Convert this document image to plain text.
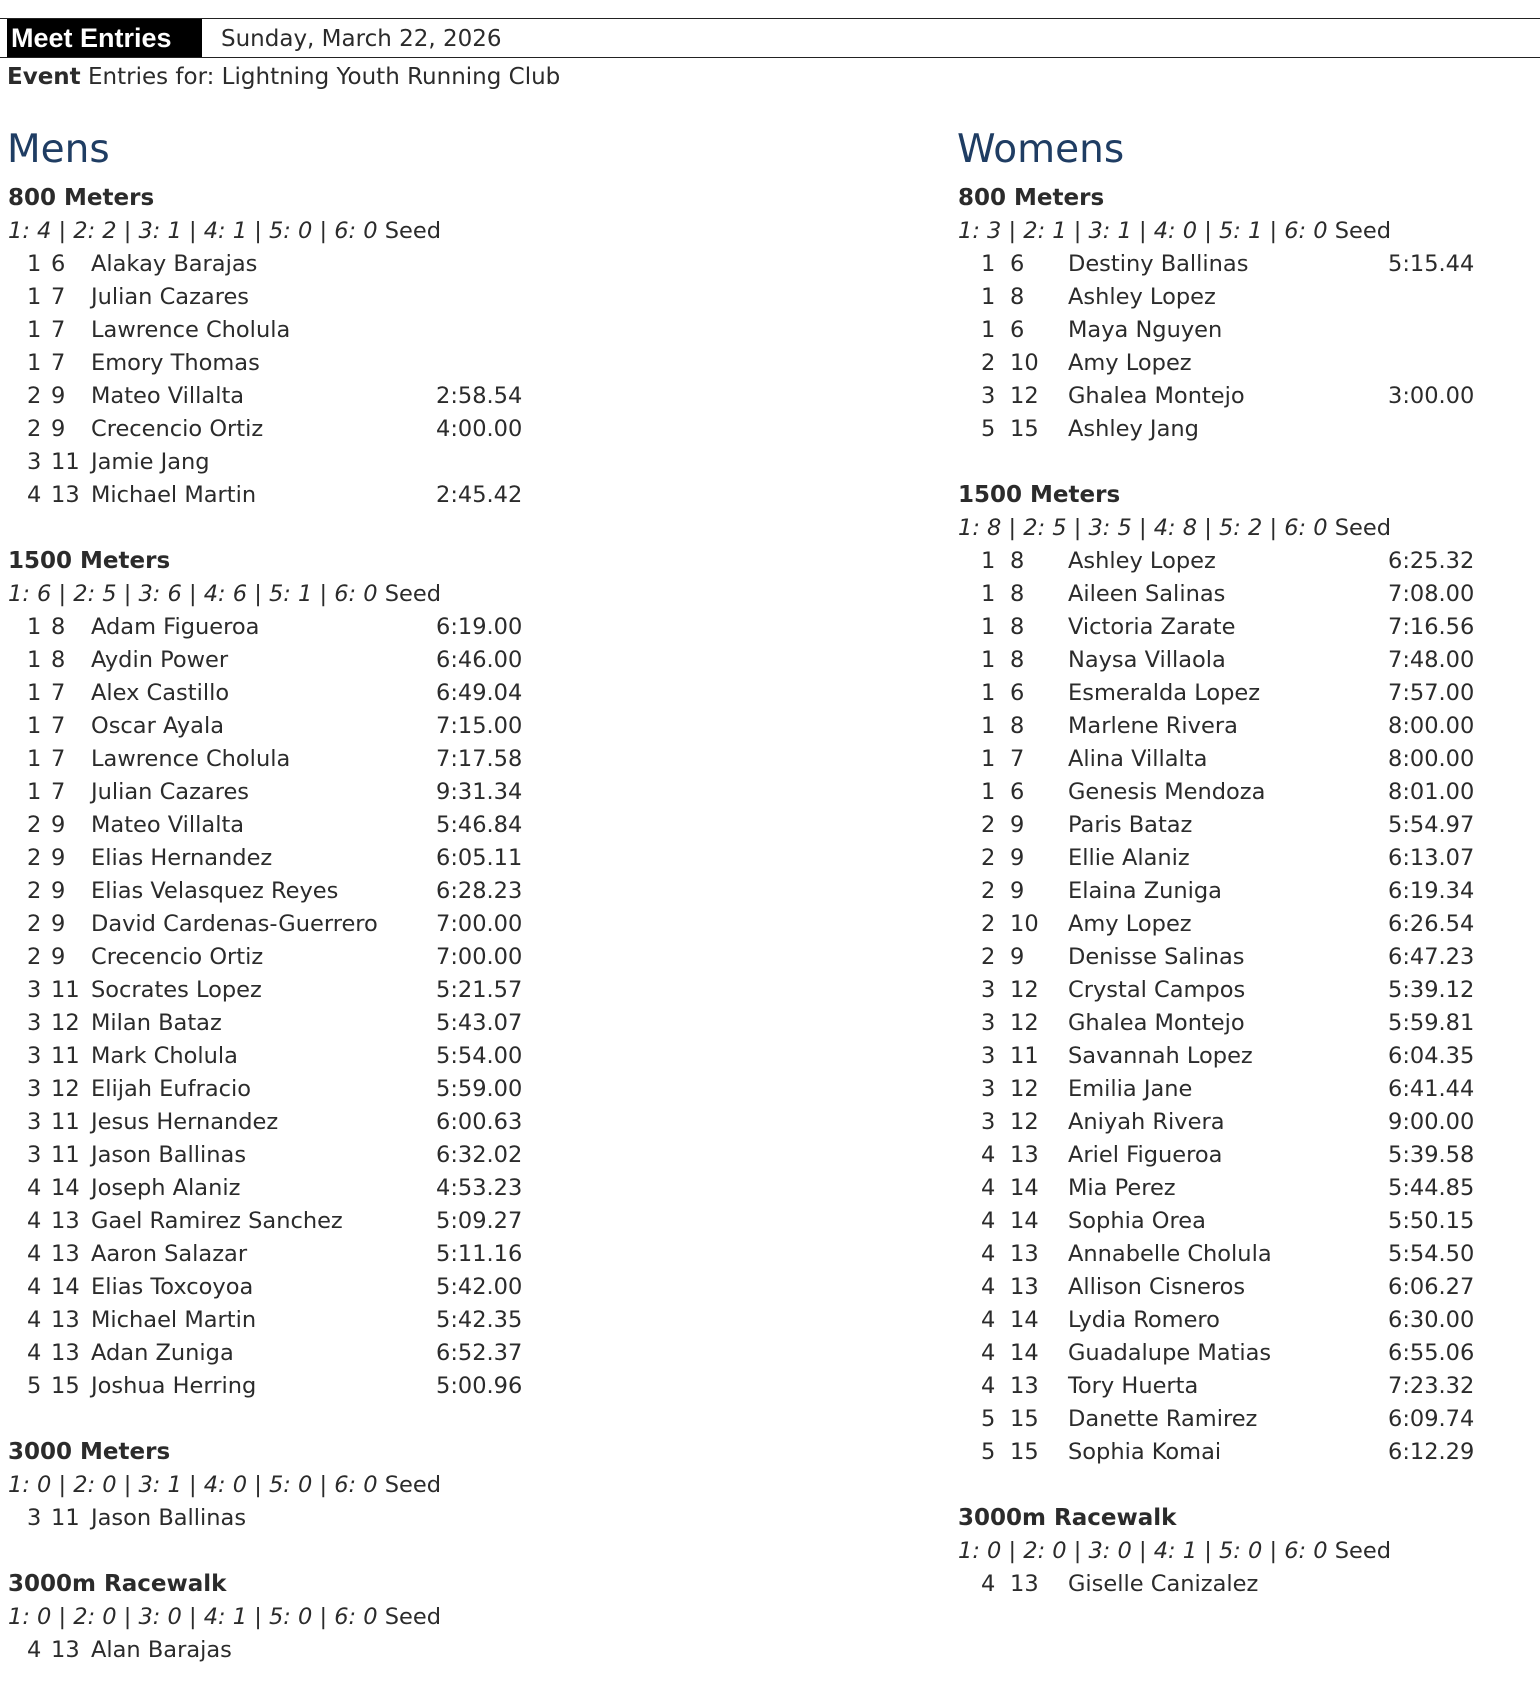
Meet Entries	Sunday, March 22, 2026
Event Entries for: Lightning Youth Running Club
Mens
800 Meters
1: 4 | 2: 2 | 3: 1 | 4: 1 | 5: 0 | 6: 0 Seed
1 6 Alakay Barajas
1 7 Julian Cazares
1 7 Lawrence Cholula
1 7 Emory Thomas
2 9 Mateo Villalta	2:58.54
2 9 Crecencio Ortiz	4:00.00
3 11 Jamie Jang
4 13 Michael Martin	2:45.42
1500 Meters
1: 6 | 2: 5 | 3: 6 | 4: 6 | 5: 1 | 6: 0 Seed
1 8 Adam Figueroa	6:19.00
1 8 Aydin Power	6:46.00
1 7 Alex Castillo	6:49.04
1 7 Oscar Ayala	7:15.00
1 7 Lawrence Cholula	7:17.58
1 7 Julian Cazares	9:31.34
2 9 Mateo Villalta	5:46.84
2 9 Elias Hernandez	6:05.11
2 9 Elias Velasquez Reyes	6:28.23
2 9 David Cardenas-Guerrero	7:00.00
2 9 Crecencio Ortiz	7:00.00
3 11 Socrates Lopez	5:21.57
3 12 Milan Bataz	5:43.07
3 11 Mark Cholula	5:54.00
3 12 Elijah Eufracio	5:59.00
3 11 Jesus Hernandez	6:00.63
3 11 Jason Ballinas	6:32.02
4 14 Joseph Alaniz	4:53.23
4 13 Gael Ramirez Sanchez	5:09.27
4 13 Aaron Salazar	5:11.16
4 14 Elias Toxcoyoa	5:42.00
4 13 Michael Martin	5:42.35
4 13 Adan Zuniga	6:52.37
5 15 Joshua Herring	5:00.96
3000 Meters
1: 0 | 2: 0 | 3: 1 | 4: 0 | 5: 0 | 6: 0 Seed
3 11 Jason Ballinas
3000m Racewalk
1: 0 | 2: 0 | 3: 0 | 4: 1 | 5: 0 | 6: 0 Seed
4 13 Alan Barajas
Womens
800 Meters
1: 3 | 2: 1 | 3: 1 | 4: 0 | 5: 1 | 6: 0 Seed
1 6 Destiny Ballinas	5:15.44
1 8 Ashley Lopez
1 6 Maya Nguyen
2 10 Amy Lopez
3 12 Ghalea Montejo	3:00.00
5 15 Ashley Jang
1500 Meters
1: 8 | 2: 5 | 3: 5 | 4: 8 | 5: 2 | 6: 0 Seed
1 8 Ashley Lopez	6:25.32
1 8 Aileen Salinas	7:08.00
1 8 Victoria Zarate	7:16.56
1 8 Naysa Villaola	7:48.00
1 6 Esmeralda Lopez	7:57.00
1 8 Marlene Rivera	8:00.00
1 7 Alina Villalta	8:00.00
1 6 Genesis Mendoza	8:01.00
2 9 Paris Bataz	5:54.97
2 9 Ellie Alaniz	6:13.07
2 9 Elaina Zuniga	6:19.34
2 10 Amy Lopez	6:26.54
2 9 Denisse Salinas	6:47.23
3 12 Crystal Campos	5:39.12
3 12 Ghalea Montejo	5:59.81
3 11 Savannah Lopez	6:04.35
3 12 Emilia Jane	6:41.44
3 12 Aniyah Rivera	9:00.00
4 13 Ariel Figueroa	5:39.58
4 14 Mia Perez	5:44.85
4 14 Sophia Orea	5:50.15
4 13 Annabelle Cholula	5:54.50
4 13 Allison Cisneros	6:06.27
4 14 Lydia Romero	6:30.00
4 14 Guadalupe Matias	6:55.06
4 13 Tory Huerta	7:23.32
5 15 Danette Ramirez	6:09.74
5 15 Sophia Komai	6:12.29
3000m Racewalk
1: 0 | 2: 0 | 3: 0 | 4: 1 | 5: 0 | 6: 0 Seed
4 13 Giselle Canizalez
